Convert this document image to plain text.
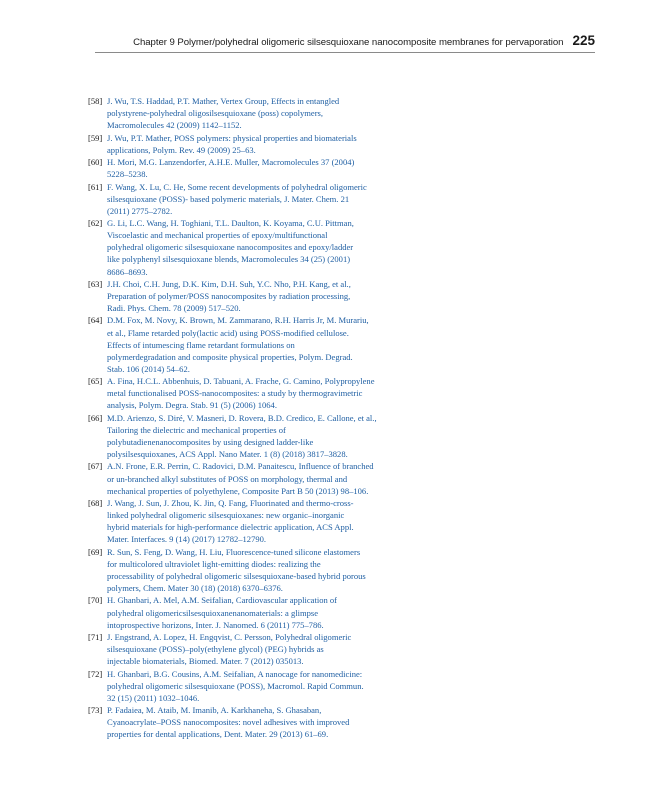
Chapter 9 Polymer/polyhedral oligomeric silsesquioxane nanocomposite membranes for pervaporation 225
[58] J. Wu, T.S. Haddad, P.T. Mather, Vertex Group, Effects in entangled
polystyrene-polyhedral oligosilsesquioxane (poss) copolymers,
Macromolecules 42 (2009) 1142–1152.
[59] J. Wu, P.T. Mather, POSS polymers: physical properties and biomaterials
applications, Polym. Rev. 49 (2009) 25–63.
[60] H. Mori, M.G. Lanzendorfer, A.H.E. Muller, Macromolecules 37 (2004)
5228–5238.
[61] F. Wang, X. Lu, C. He, Some recent developments of polyhedral oligomeric
silsesquioxane (POSS)- based polymeric materials, J. Mater. Chem. 21
(2011) 2775–2782.
[62] G. Li, L.C. Wang, H. Toghiani, T.L. Daulton, K. Koyama, C.U. Pittman,
Viscoelastic and mechanical properties of epoxy/multifunctional
polyhedral oligomeric silsesquioxane nanocomposites and epoxy/ladder
like polyphenyl silsesquioxane blends, Macromolecules 34 (25) (2001)
8686–8693.
[63] J.H. Choi, C.H. Jung, D.K. Kim, D.H. Suh, Y.C. Nho, P.H. Kang, et al.,
Preparation of polymer/POSS nanocomposites by radiation processing,
Radi. Phys. Chem. 78 (2009) 517–520.
[64] D.M. Fox, M. Novy, K. Brown, M. Zammarano, R.H. Harris Jr, M. Murariu,
et al., Flame retarded poly(lactic acid) using POSS-modified cellulose.
Effects of intumescing flame retardant formulations on
polymerdegradation and composite physical properties, Polym. Degrad.
Stab. 106 (2014) 54–62.
[65] A. Fina, H.C.L. Abbenhuis, D. Tabuani, A. Frache, G. Camino, Polypropylene
metal functionalised POSS-nanocomposites: a study by thermogravimetric
analysis, Polym. Degra. Stab. 91 (5) (2006) 1064.
[66] M.D. Arienzo, S. Diré, V. Masneri, D. Rovera, B.D. Credico, E. Callone, et al.,
Tailoring the dielectric and mechanical properties of
polybutadienenanocomposites by using designed ladder-like
polysilsesquioxanes, ACS Appl. Nano Mater. 1 (8) (2018) 3817–3828.
[67] A.N. Frone, E.R. Perrin, C. Radovici, D.M. Panaitescu, Influence of branched
or un-branched alkyl substitutes of POSS on morphology, thermal and
mechanical properties of polyethylene, Composite Part B 50 (2013) 98–106.
[68] J. Wang, J. Sun, J. Zhou, K. Jin, Q. Fang, Fluorinated and thermo-cross-
linked polyhedral oligomeric silsesquioxanes: new organic–inorganic
hybrid materials for high-performance dielectric application, ACS Appl.
Mater. Interfaces. 9 (14) (2017) 12782–12790.
[69] R. Sun, S. Feng, D. Wang, H. Liu, Fluorescence-tuned silicone elastomers
for multicolored ultraviolet light-emitting diodes: realizing the
processability of polyhedral oligomeric silsesquioxane-based hybrid porous
polymers, Chem. Mater 30 (18) (2018) 6370–6376.
[70] H. Ghanbari, A. Mel, A.M. Seifalian, Cardiovascular application of
polyhedral oligomericsilsesquioxanenanomaterials: a glimpse
intoprospective horizons, Inter. J. Nanomed. 6 (2011) 775–786.
[71] J. Engstrand, A. Lopez, H. Engqvist, C. Persson, Polyhedral oligomeric
silsesquioxane (POSS)–poly(ethylene glycol) (PEG) hybrids as
injectable biomaterials, Biomed. Mater. 7 (2012) 035013.
[72] H. Ghanbari, B.G. Cousins, A.M. Seifalian, A nanocage for nanomedicine:
polyhedral oligomeric silsesquioxane (POSS), Macromol. Rapid Commun.
32 (15) (2011) 1032–1046.
[73] P. Fadaiea, M. Ataib, M. Imanib, A. Karkhaneha, S. Ghasaban,
Cyanoacrylate–POSS nanocomposites: novel adhesives with improved
properties for dental applications, Dent. Mater. 29 (2013) 61–69.
